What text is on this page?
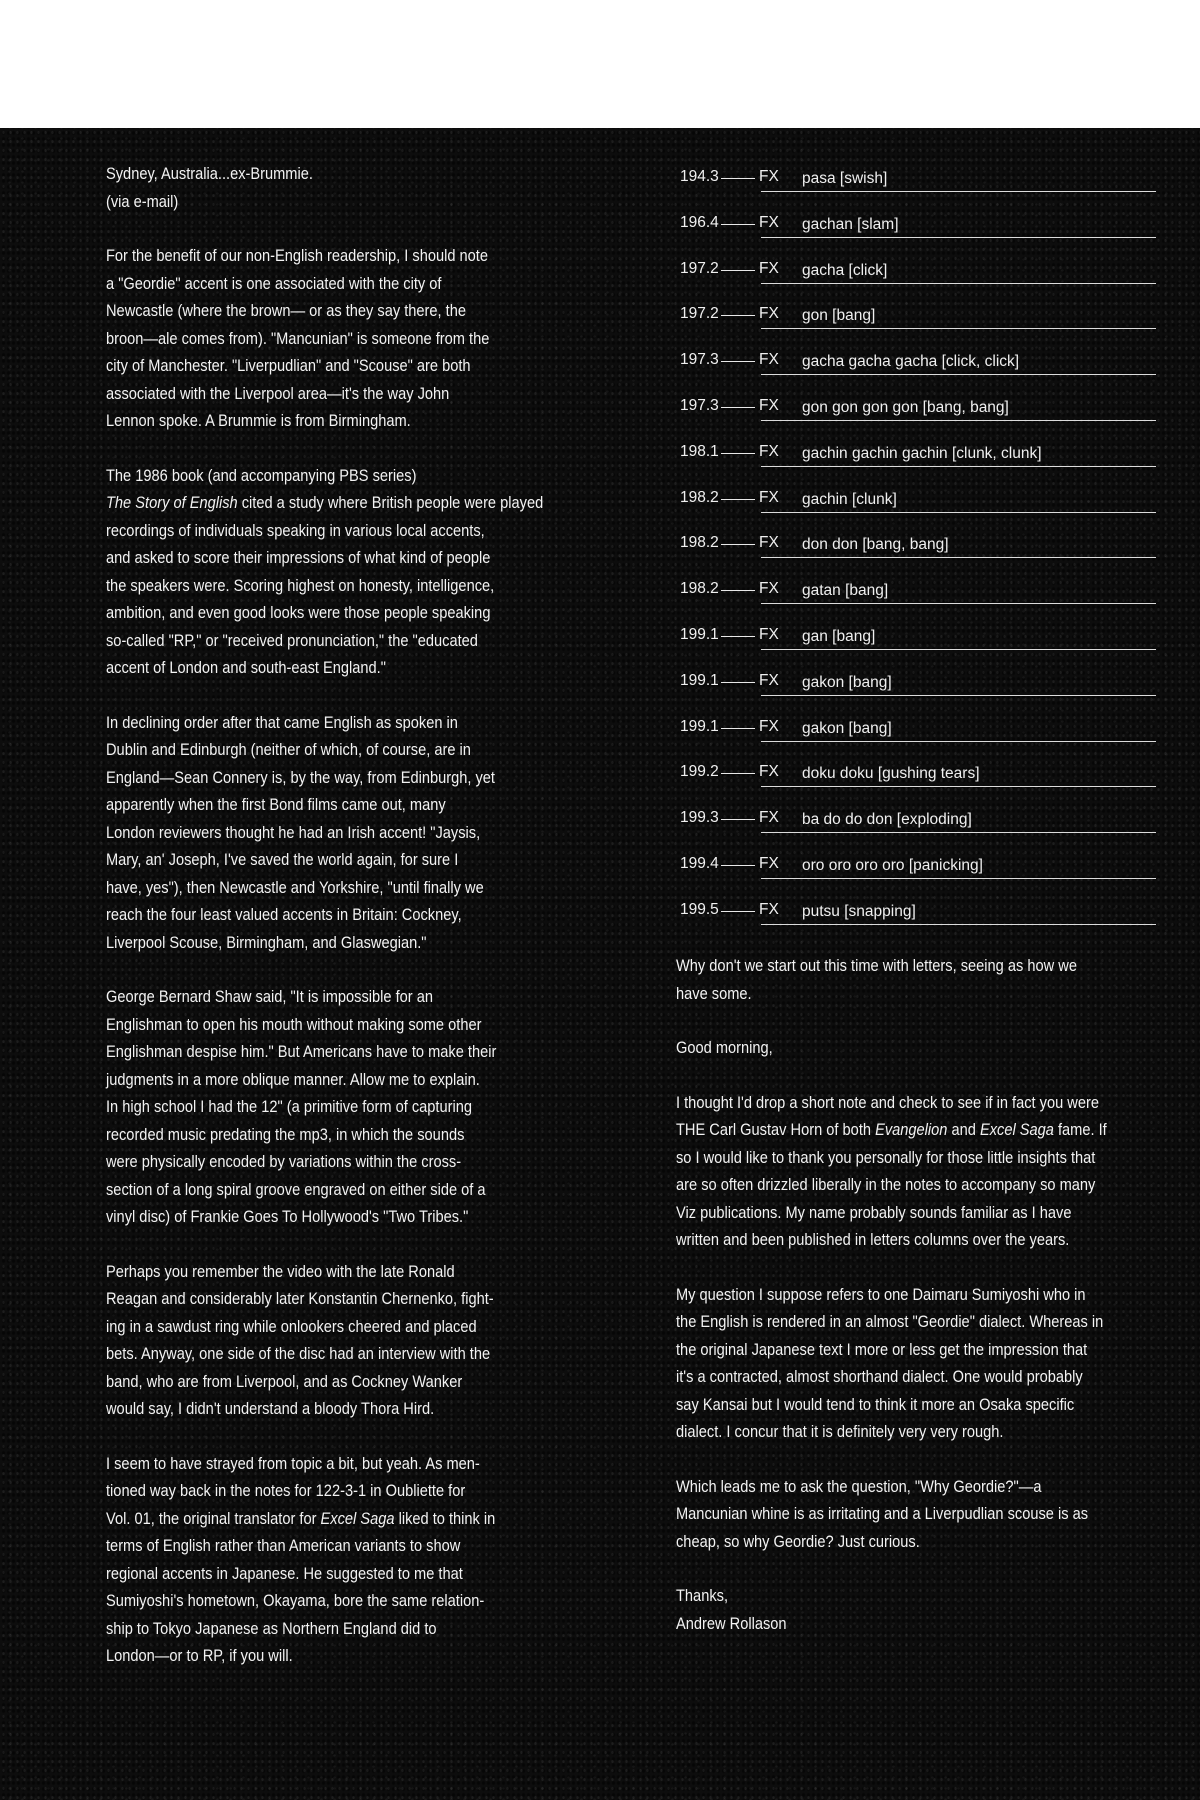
Sydney, Australia...ex-Brummie.

(via e-mail)

For the benefit of our non-English readership, I should note

a "Geordie" accent is one associated with the city of

Newcastle (where the brown— or as they say there, the

broon—ale comes from). "Mancunian" is someone from the

city of Manchester. "Liverpudlian" and "Scouse" are both

associated with the Liverpool area—it's the way John

Lennon spoke. A Brummie is from Birmingham.

The 1986 book (and accompanying PBS series)

The Story of English cited a study where British people were played

recordings of individuals speaking in various local accents,

and asked to score their impressions of what kind of people

the speakers were. Scoring highest on honesty, intelligence,

ambition, and even good looks were those people speaking

so-called "RP," or "received pronunciation," the "educated

accent of London and south-east England."

In declining order after that came English as spoken in

Dublin and Edinburgh (neither of which, of course, are in

England—Sean Connery is, by the way, from Edinburgh, yet

apparently when the first Bond films came out, many

London reviewers thought he had an Irish accent! "Jaysis,

Mary, an' Joseph, I've saved the world again, for sure I

have, yes"), then Newcastle and Yorkshire, "until finally we

reach the four least valued accents in Britain: Cockney,

Liverpool Scouse, Birmingham, and Glaswegian."

George Bernard Shaw said, "It is impossible for an

Englishman to open his mouth without making some other

Englishman despise him." But Americans have to make their

judgments in a more oblique manner. Allow me to explain.

In high school I had the 12" (a primitive form of capturing

recorded music predating the mp3, in which the sounds

were physically encoded by variations within the cross-

section of a long spiral groove engraved on either side of a

vinyl disc) of Frankie Goes To Hollywood's "Two Tribes."

Perhaps you remember the video with the late Ronald

Reagan and considerably later Konstantin Chernenko, fight-

ing in a sawdust ring while onlookers cheered and placed

bets. Anyway, one side of the disc had an interview with the

band, who are from Liverpool, and as Cockney Wanker

would say, I didn't understand a bloody Thora Hird.

I seem to have strayed from topic a bit, but yeah. As men-

tioned way back in the notes for 122-3-1 in Oubliette for

Vol. 01, the original translator for Excel Saga liked to think in

terms of English rather than American variants to show

regional accents in Japanese. He suggested to me that

Sumiyoshi's hometown, Okayama, bore the same relation-

ship to Tokyo Japanese as Northern England did to

London—or to RP, if you will.

194.3	FX pasa [swish]
196.4	FX gachan [slam]
197.2	FX gacha [click]
197.2	FX gon [bang]
197.3	FX gacha gacha gacha [click, click]
197.3	FX gon gon gon gon [bang, bang]
198.1	FX gachin gachin gachin [clunk, clunk]
198.2	FX gachin [clunk]
198.2	FX don don [bang, bang]
198.2	FX gatan [bang]
199.1	FX gan [bang]
199.1	FX gakon [bang]
199.1	FX gakon [bang]
199.2	FX doku doku [gushing tears]
199.3	FX ba do do don [exploding]
199.4	FX oro oro oro oro [panicking]
199.5	FX putsu [snapping]

Why don't we start out this time with letters, seeing as how we

have some.

Good morning,

I thought I'd drop a short note and check to see if in fact you were

THE Carl Gustav Horn of both Evangelion and Excel Saga fame. If

so I would like to thank you personally for those little insights that

are so often drizzled liberally in the notes to accompany so many

Viz publications. My name probably sounds familiar as I have

written and been published in letters columns over the years.

My question I suppose refers to one Daimaru Sumiyoshi who in

the English is rendered in an almost "Geordie" dialect. Whereas in

the original Japanese text I more or less get the impression that

it's a contracted, almost shorthand dialect. One would probably

say Kansai but I would tend to think it more an Osaka specific

dialect. I concur that it is definitely very very rough.

Which leads me to ask the question, "Why Geordie?"—a

Mancunian whine is as irritating and a Liverpudlian scouse is as

cheap, so why Geordie? Just curious.

Thanks,

Andrew Rollason
